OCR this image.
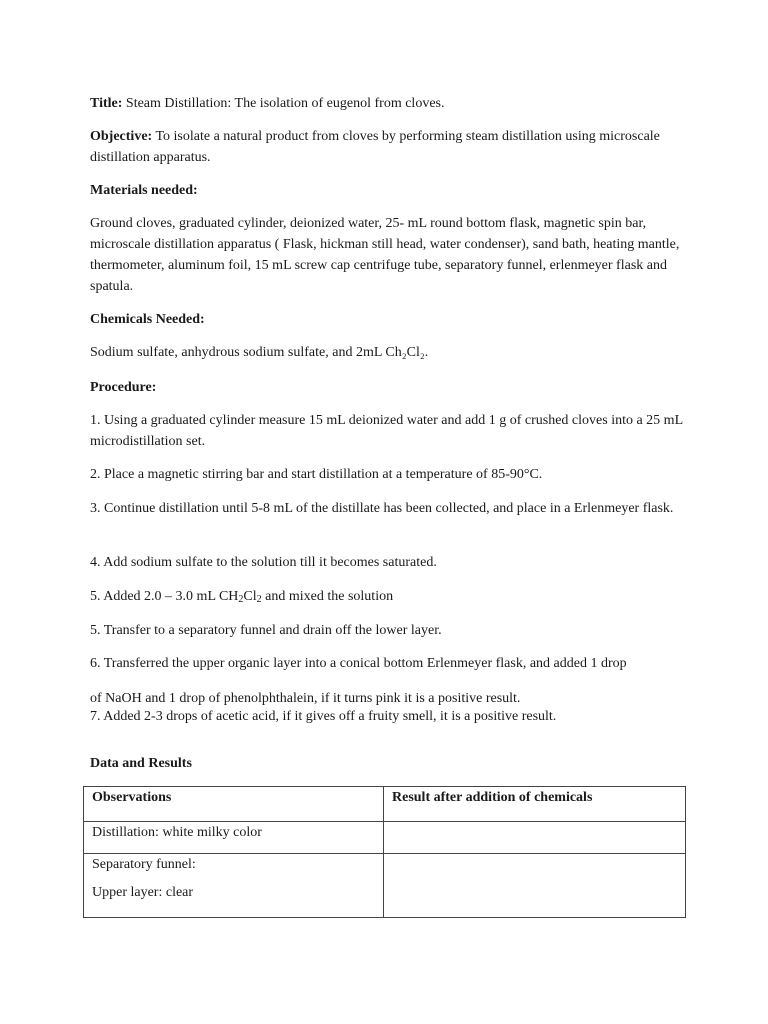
Title: Steam Distillation: The isolation of eugenol from cloves.

Objective: To isolate a natural product from cloves by performing steam distillation using microscale distillation apparatus.

Materials needed:

Ground cloves, graduated cylinder, deionized water, 25- mL round bottom flask, magnetic spin bar, microscale distillation apparatus ( Flask, hickman still head, water condenser), sand bath, heating mantle, thermometer, aluminum foil, 15 mL screw cap centrifuge tube, separatory funnel, erlenmeyer flask and spatula.

Chemicals Needed:

Sodium sulfate, anhydrous sodium sulfate, and 2mL Ch₂Cl₂.

Procedure:

1. Using a graduated cylinder measure 15 mL deionized water and add 1 g of crushed cloves into a 25 mL microdistillation set.

2. Place a magnetic stirring bar and start distillation at a temperature of 85-90°C.

3. Continue distillation until 5-8 mL of the distillate has been collected, and place in a Erlenmeyer flask.

4. Add sodium sulfate to the solution till it becomes saturated.

5. Added 2.0 – 3.0 mL $CH_2Cl_2$ and mixed the solution

5. Transfer to a separatory funnel and drain off the lower layer.

6. Transferred the upper organic layer into a conical bottom Erlenmeyer flask, and added 1 drop

of NaOH and 1 drop of phenolphthalein, if it turns pink it is a positive result.

7. Added 2-3 drops of acetic acid, if it gives off a fruity smell, it is a positive result.

Data and Results

Observations	Result after addition of chemicals
Distillation: white milky color	

Separatory funnel:
Upper layer: clear	
